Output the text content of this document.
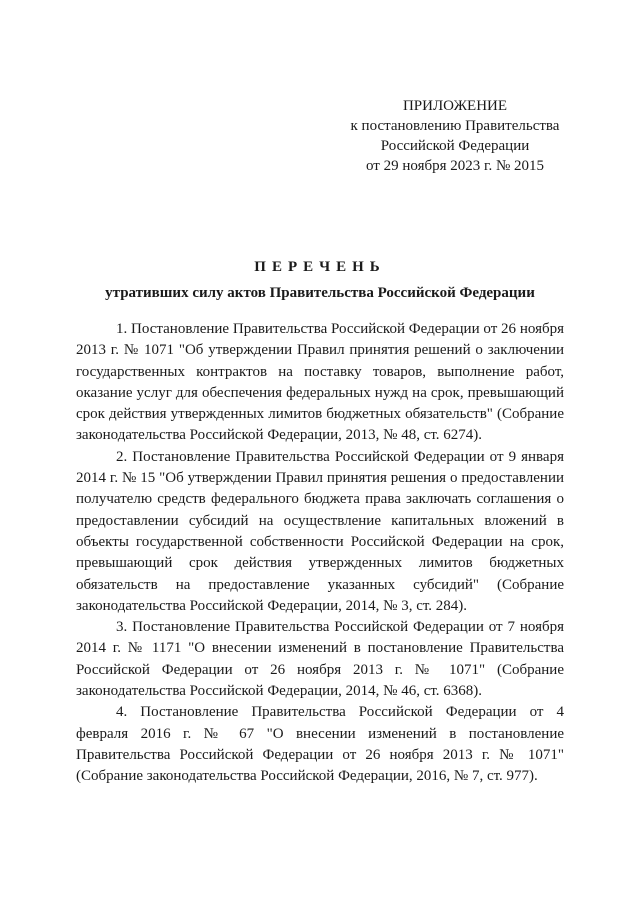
ПРИЛОЖЕНИЕ
к постановлению Правительства
Российской Федерации
от 29 ноября 2023 г. № 2015
ПЕРЕЧЕНЬ
утративших силу актов Правительства Российской Федерации

1. Постановление Правительства Российской Федерации от 26 ноября 2013 г. № 1071 "Об утверждении Правил принятия решений о заключении государственных контрактов на поставку товаров, выполнение работ, оказание услуг для обеспечения федеральных нужд на срок, превышающий срок действия утвержденных лимитов бюджетных обязательств" (Собрание законодательства Российской Федерации, 2013, № 48, ст. 6274).

2. Постановление Правительства Российской Федерации от 9 января 2014 г. № 15 "Об утверждении Правил принятия решения о предоставлении получателю средств федерального бюджета права заключать соглашения о предоставлении субсидий на осуществление капитальных вложений в объекты государственной собственности Российской Федерации на срок, превышающий срок действия утвержденных лимитов бюджетных обязательств на предоставление указанных субсидий" (Собрание законодательства Российской Федерации, 2014, № 3, ст. 284).

3. Постановление Правительства Российской Федерации от 7 ноября 2014 г. № 1171 "О внесении изменений в постановление Правительства Российской Федерации от 26 ноября 2013 г. № 1071" (Собрание законодательства Российской Федерации, 2014, № 46, ст. 6368).

4. Постановление Правительства Российской Федерации от 4 февраля 2016 г. № 67 "О внесении изменений в постановление Правительства Российской Федерации от 26 ноября 2013 г. № 1071" (Собрание законодательства Российской Федерации, 2016, № 7, ст. 977).
